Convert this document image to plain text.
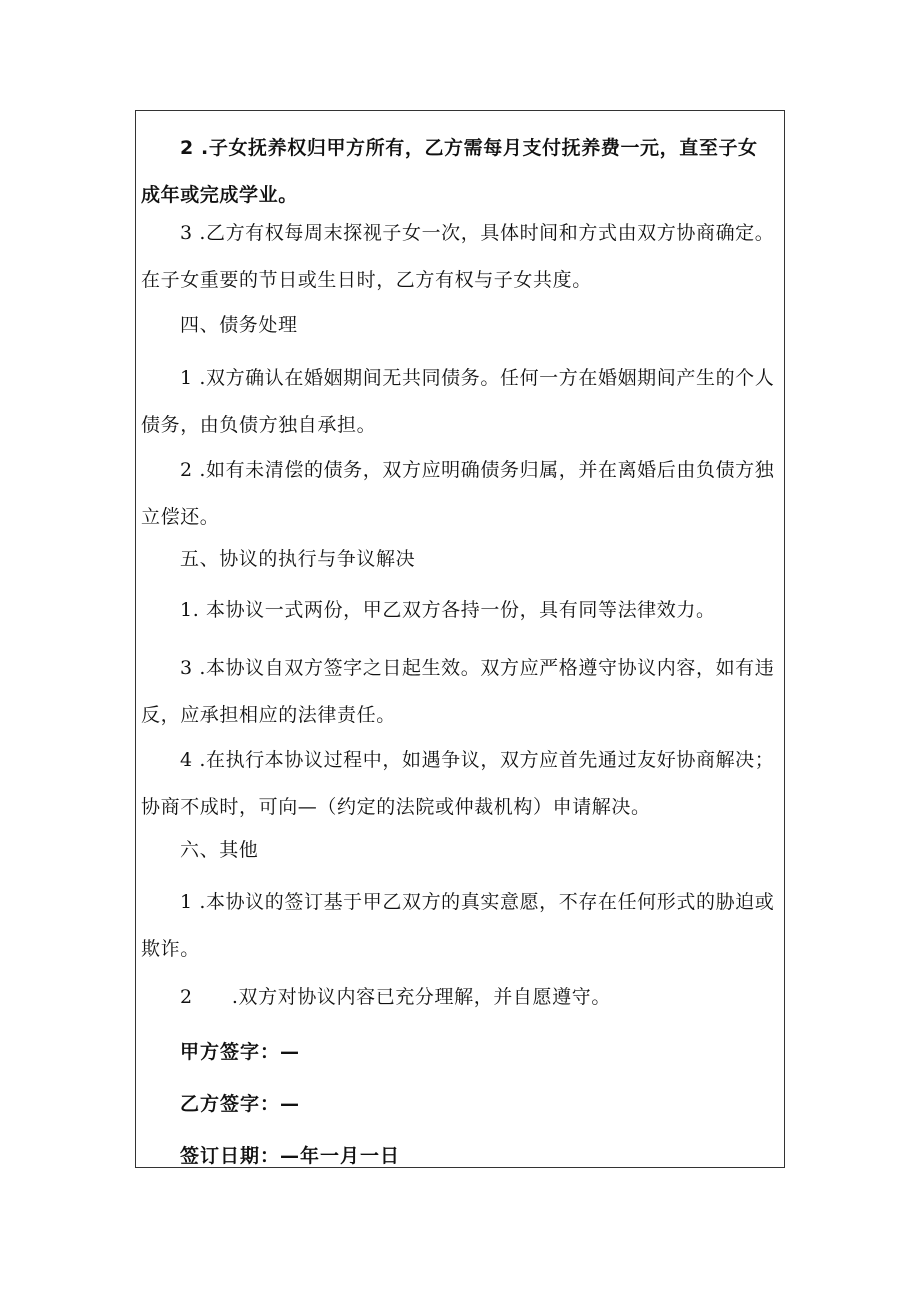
2 .子女抚养权归甲方所有，乙方需每月支付抚养费一元，直至子女
成年或完成学业。
3 .乙方有权每周末探视子女一次，具体时间和方式由双方协商确定。
在子女重要的节日或生日时，乙方有权与子女共度。

四、债务处理

1 .双方确认在婚姻期间无共同债务。任何一方在婚姻期间产生的个人
债务，由负债方独自承担。
2 .如有未清偿的债务，双方应明确债务归属，并在离婚后由负债方独
立偿还。

五、协议的执行与争议解决

1. 本协议一式两份，甲乙双方各持一份，具有同等法律效力。
3 .本协议自双方签字之日起生效。双方应严格遵守协议内容，如有违
反，应承担相应的法律责任。
4 .在执行本协议过程中，如遇争议，双方应首先通过友好协商解决；
协商不成时，可向—（约定的法院或仲裁机构）申请解决。

六、其他

1 .本协议的签订基于甲乙双方的真实意愿，不存在任何形式的胁迫或
欺诈。
2　　.双方对协议内容已充分理解，并自愿遵守。

甲方签字：—

乙方签字：—

签订日期：—年一月一日
